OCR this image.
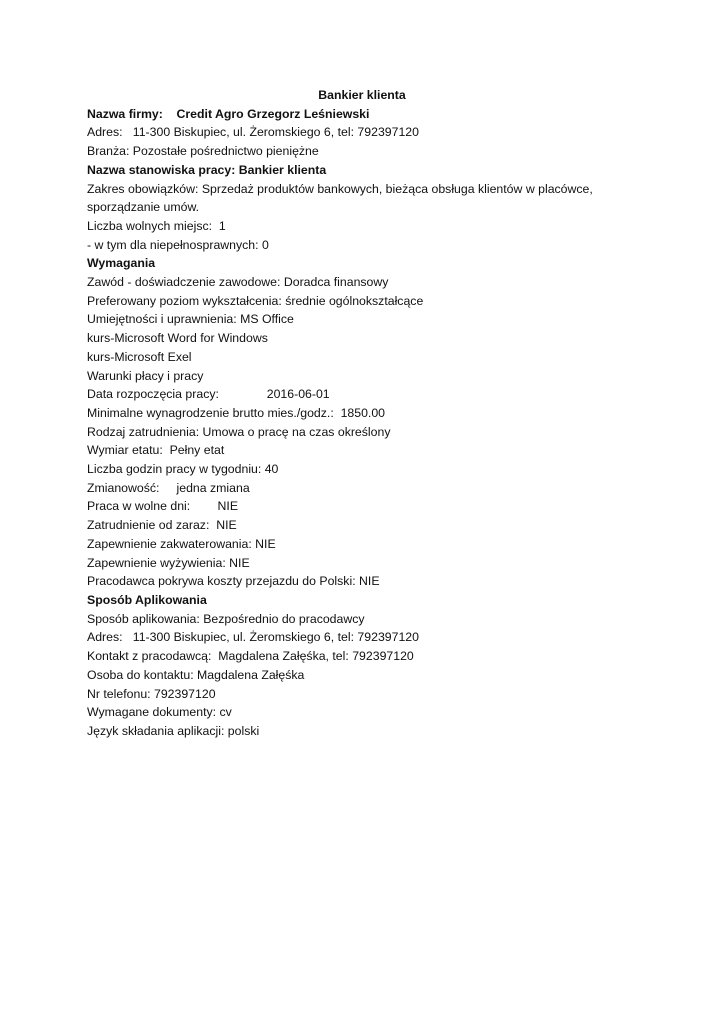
Bankier klienta
Nazwa firmy:    Credit Agro Grzegorz Leśniewski
Adres:   11-300 Biskupiec, ul. Żeromskiego 6, tel: 792397120
Branża: Pozostałe pośrednictwo pieniężne
Nazwa stanowiska pracy: Bankier klienta
Zakres obowiązków: Sprzedaż produktów bankowych, bieżąca obsługa klientów w placówce, sporządzanie umów.
Liczba wolnych miejsc:  1
- w tym dla niepełnosprawnych: 0
Wymagania
Zawód - doświadczenie zawodowe: Doradca finansowy
Preferowany poziom wykształcenia: średnie ogólnokształcące
Umiejętności i uprawnienia: MS Office
kurs-Microsoft Word for Windows
kurs-Microsoft Exel
Warunki płacy i pracy
Data rozpoczęcia pracy:              2016-06-01
Minimalne wynagrodzenie brutto mies./godz.:  1850.00
Rodzaj zatrudnienia: Umowa o pracę na czas określony
Wymiar etatu:  Pełny etat
Liczba godzin pracy w tygodniu: 40
Zmianowość:     jedna zmiana
Praca w wolne dni:        NIE
Zatrudnienie od zaraz:  NIE
Zapewnienie zakwaterowania: NIE
Zapewnienie wyżywienia: NIE
Pracodawca pokrywa koszty przejazdu do Polski: NIE
Sposób Aplikowania
Sposób aplikowania: Bezpośrednio do pracodawcy
Adres:   11-300 Biskupiec, ul. Żeromskiego 6, tel: 792397120
Kontakt z pracodawcą:  Magdalena Załęśka, tel: 792397120
Osoba do kontaktu: Magdalena Załęśka
Nr telefonu: 792397120
Wymagane dokumenty: cv
Język składania aplikacji: polski
